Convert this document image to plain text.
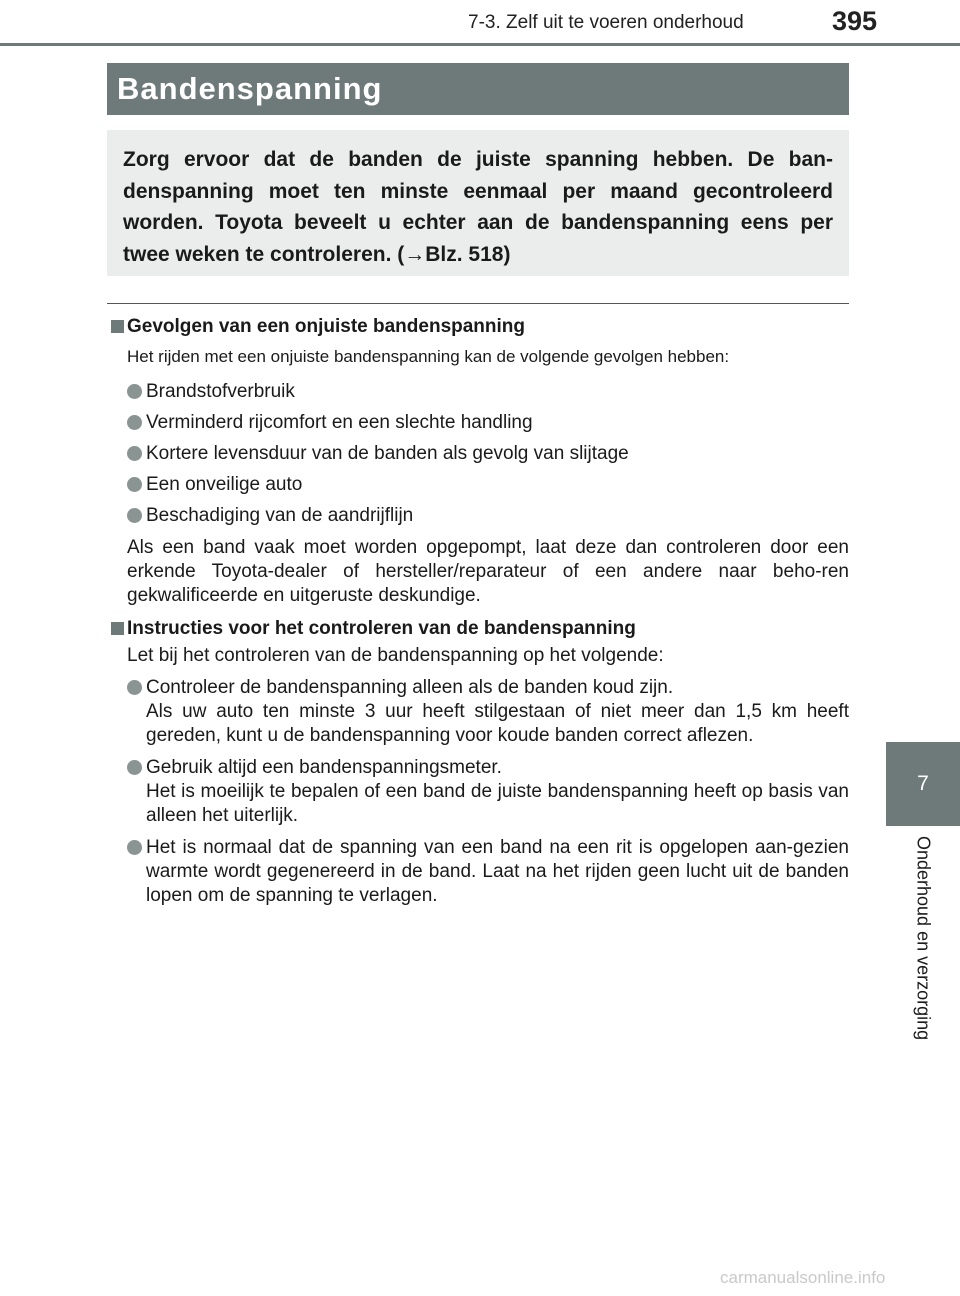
7-3. Zelf uit te voeren onderhoud	395
Bandenspanning

Zorg ervoor dat de banden de juiste spanning hebben. De ban-denspanning moet ten minste eenmaal per maand gecontroleerd worden. Toyota beveelt u echter aan de bandenspanning eens per twee weken te controleren. (→Blz. 518)

Gevolgen van een onjuiste bandenspanning

Het rijden met een onjuiste bandenspanning kan de volgende gevolgen hebben:

Brandstofverbruik
Verminderd rijcomfort en een slechte handling
Kortere levensduur van de banden als gevolg van slijtage
Een onveilige auto
Beschadiging van de aandrijflijn

Als een band vaak moet worden opgepompt, laat deze dan controleren door een erkende Toyota-dealer of hersteller/reparateur of een andere naar beho-ren gekwalificeerde en uitgeruste deskundige.

Instructies voor het controleren van de bandenspanning

Let bij het controleren van de bandenspanning op het volgende:

Controleer de bandenspanning alleen als de banden koud zijn.
Als uw auto ten minste 3 uur heeft stilgestaan of niet meer dan 1,5 km heeft gereden, kunt u de bandenspanning voor koude banden correct aflezen.
Gebruik altijd een bandenspanningsmeter.
Het is moeilijk te bepalen of een band de juiste bandenspanning heeft op basis van alleen het uiterlijk.
Het is normaal dat de spanning van een band na een rit is opgelopen aan-gezien warmte wordt gegenereerd in de band. Laat na het rijden geen lucht uit de banden lopen om de spanning te verlagen.
7
Onderhoud en verzorging
carmanualsonline.info
